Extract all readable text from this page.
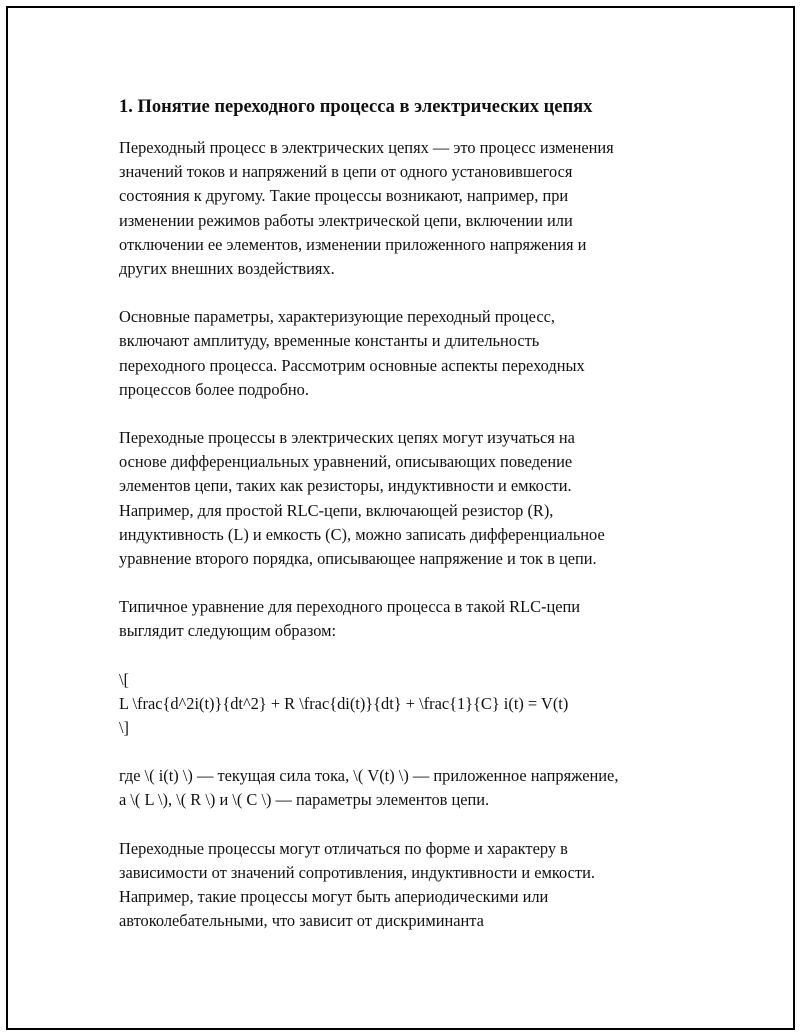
1. Понятие переходного процесса в электрических цепях

Переходный процесс в электрических цепях — это процесс изменения
значений токов и напряжений в цепи от одного установившегося
состояния к другому. Такие процессы возникают, например, при
изменении режимов работы электрической цепи, включении или
отключении ее элементов, изменении приложенного напряжения и
других внешних воздействиях.

Основные параметры, характеризующие переходный процесс,
включают амплитуду, временные константы и длительность
переходного процесса. Рассмотрим основные аспекты переходных
процессов более подробно.

Переходные процессы в электрических цепях могут изучаться на
основе дифференциальных уравнений, описывающих поведение
элементов цепи, таких как резисторы, индуктивности и емкости.
Например, для простой RLC-цепи, включающей резистор (R),
индуктивность (L) и емкость (C), можно записать дифференциальное
уравнение второго порядка, описывающее напряжение и ток в цепи.

Типичное уравнение для переходного процесса в такой RLC-цепи
выглядит следующим образом:

\[
L \frac{d^2i(t)}{dt^2} + R \frac{di(t)}{dt} + \frac{1}{C} i(t) = V(t)
\]

где \( i(t) \) — текущая сила тока, \( V(t) \) — приложенное напряжение,
а \( L \), \( R \) и \( C \) — параметры элементов цепи.

Переходные процессы могут отличаться по форме и характеру в
зависимости от значений сопротивления, индуктивности и емкости.
Например, такие процессы могут быть апериодическими или
автоколебательными, что зависит от дискриминанта
